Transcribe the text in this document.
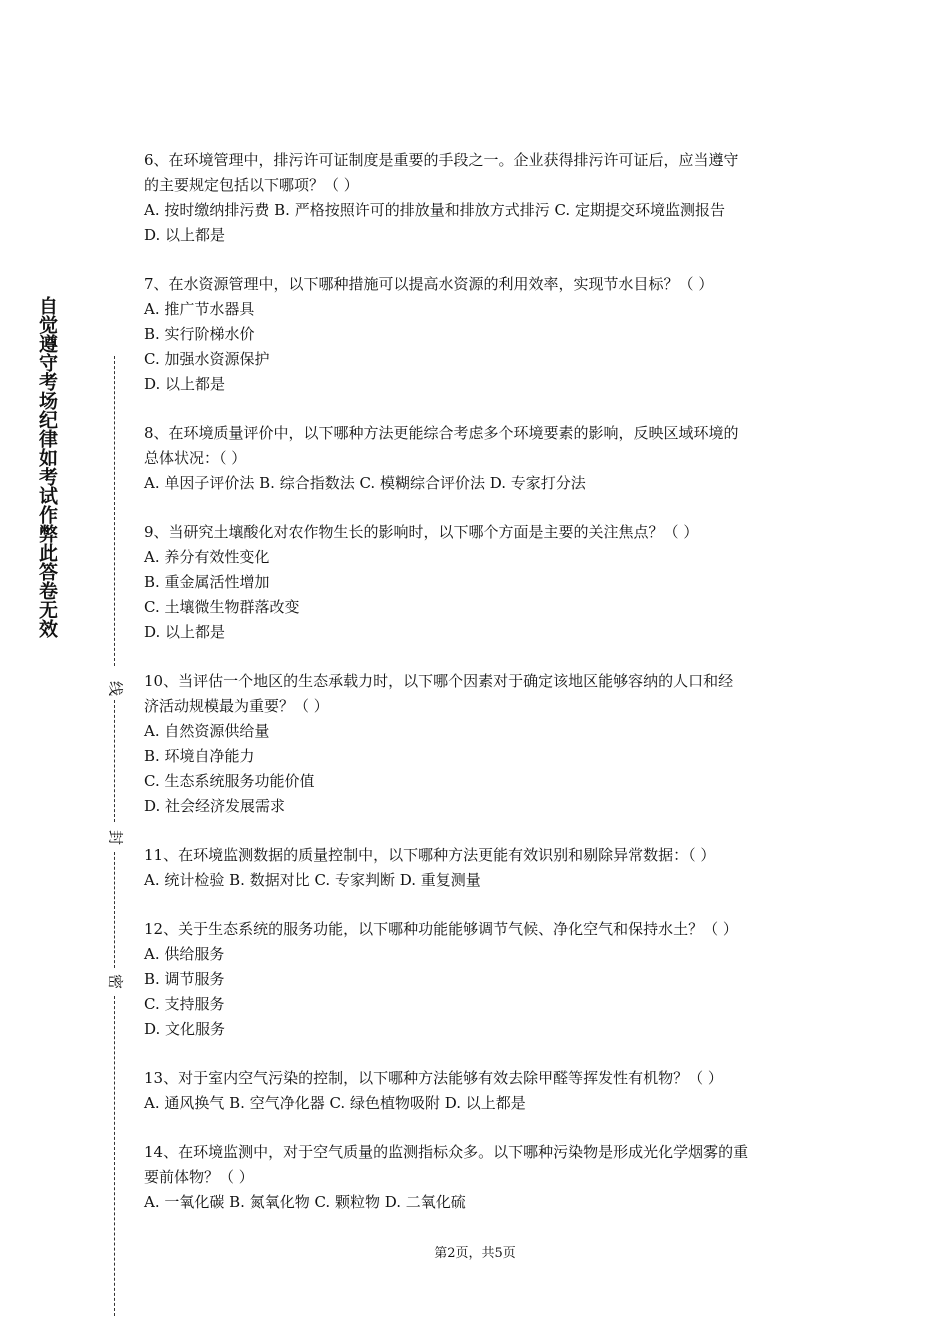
自觉遵守考场纪律如考试作弊此答卷无效
线
封
密
6、在环境管理中，排污许可证制度是重要的手段之一。企业获得排污许可证后，应当遵守
的主要规定包括以下哪项？（ ）
A. 按时缴纳排污费 B. 严格按照许可的排放量和排放方式排污 C. 定期提交环境监测报告
D. 以上都是
7、在水资源管理中，以下哪种措施可以提高水资源的利用效率，实现节水目标？（ ）
A. 推广节水器具
B. 实行阶梯水价
C. 加强水资源保护
D. 以上都是
8、在环境质量评价中，以下哪种方法更能综合考虑多个环境要素的影响，反映区域环境的
总体状况：（ ）
A. 单因子评价法 B. 综合指数法 C. 模糊综合评价法 D. 专家打分法
9、当研究土壤酸化对农作物生长的影响时，以下哪个方面是主要的关注焦点？（ ）
A. 养分有效性变化
B. 重金属活性增加
C. 土壤微生物群落改变
D. 以上都是
10、当评估一个地区的生态承载力时，以下哪个因素对于确定该地区能够容纳的人口和经
济活动规模最为重要？（ ）
A. 自然资源供给量
B. 环境自净能力
C. 生态系统服务功能价值
D. 社会经济发展需求
11、在环境监测数据的质量控制中，以下哪种方法更能有效识别和剔除异常数据：（ ）
A. 统计检验 B. 数据对比 C. 专家判断 D. 重复测量
12、关于生态系统的服务功能，以下哪种功能能够调节气候、净化空气和保持水土？（ ）
A. 供给服务
B. 调节服务
C. 支持服务
D. 文化服务
13、对于室内空气污染的控制，以下哪种方法能够有效去除甲醛等挥发性有机物？（ ）
A. 通风换气 B. 空气净化器 C. 绿色植物吸附 D. 以上都是
14、在环境监测中，对于空气质量的监测指标众多。以下哪种污染物是形成光化学烟雾的重
要前体物？（ ）
A. 一氧化碳 B. 氮氧化物 C. 颗粒物 D. 二氧化硫
第2页，共5页
